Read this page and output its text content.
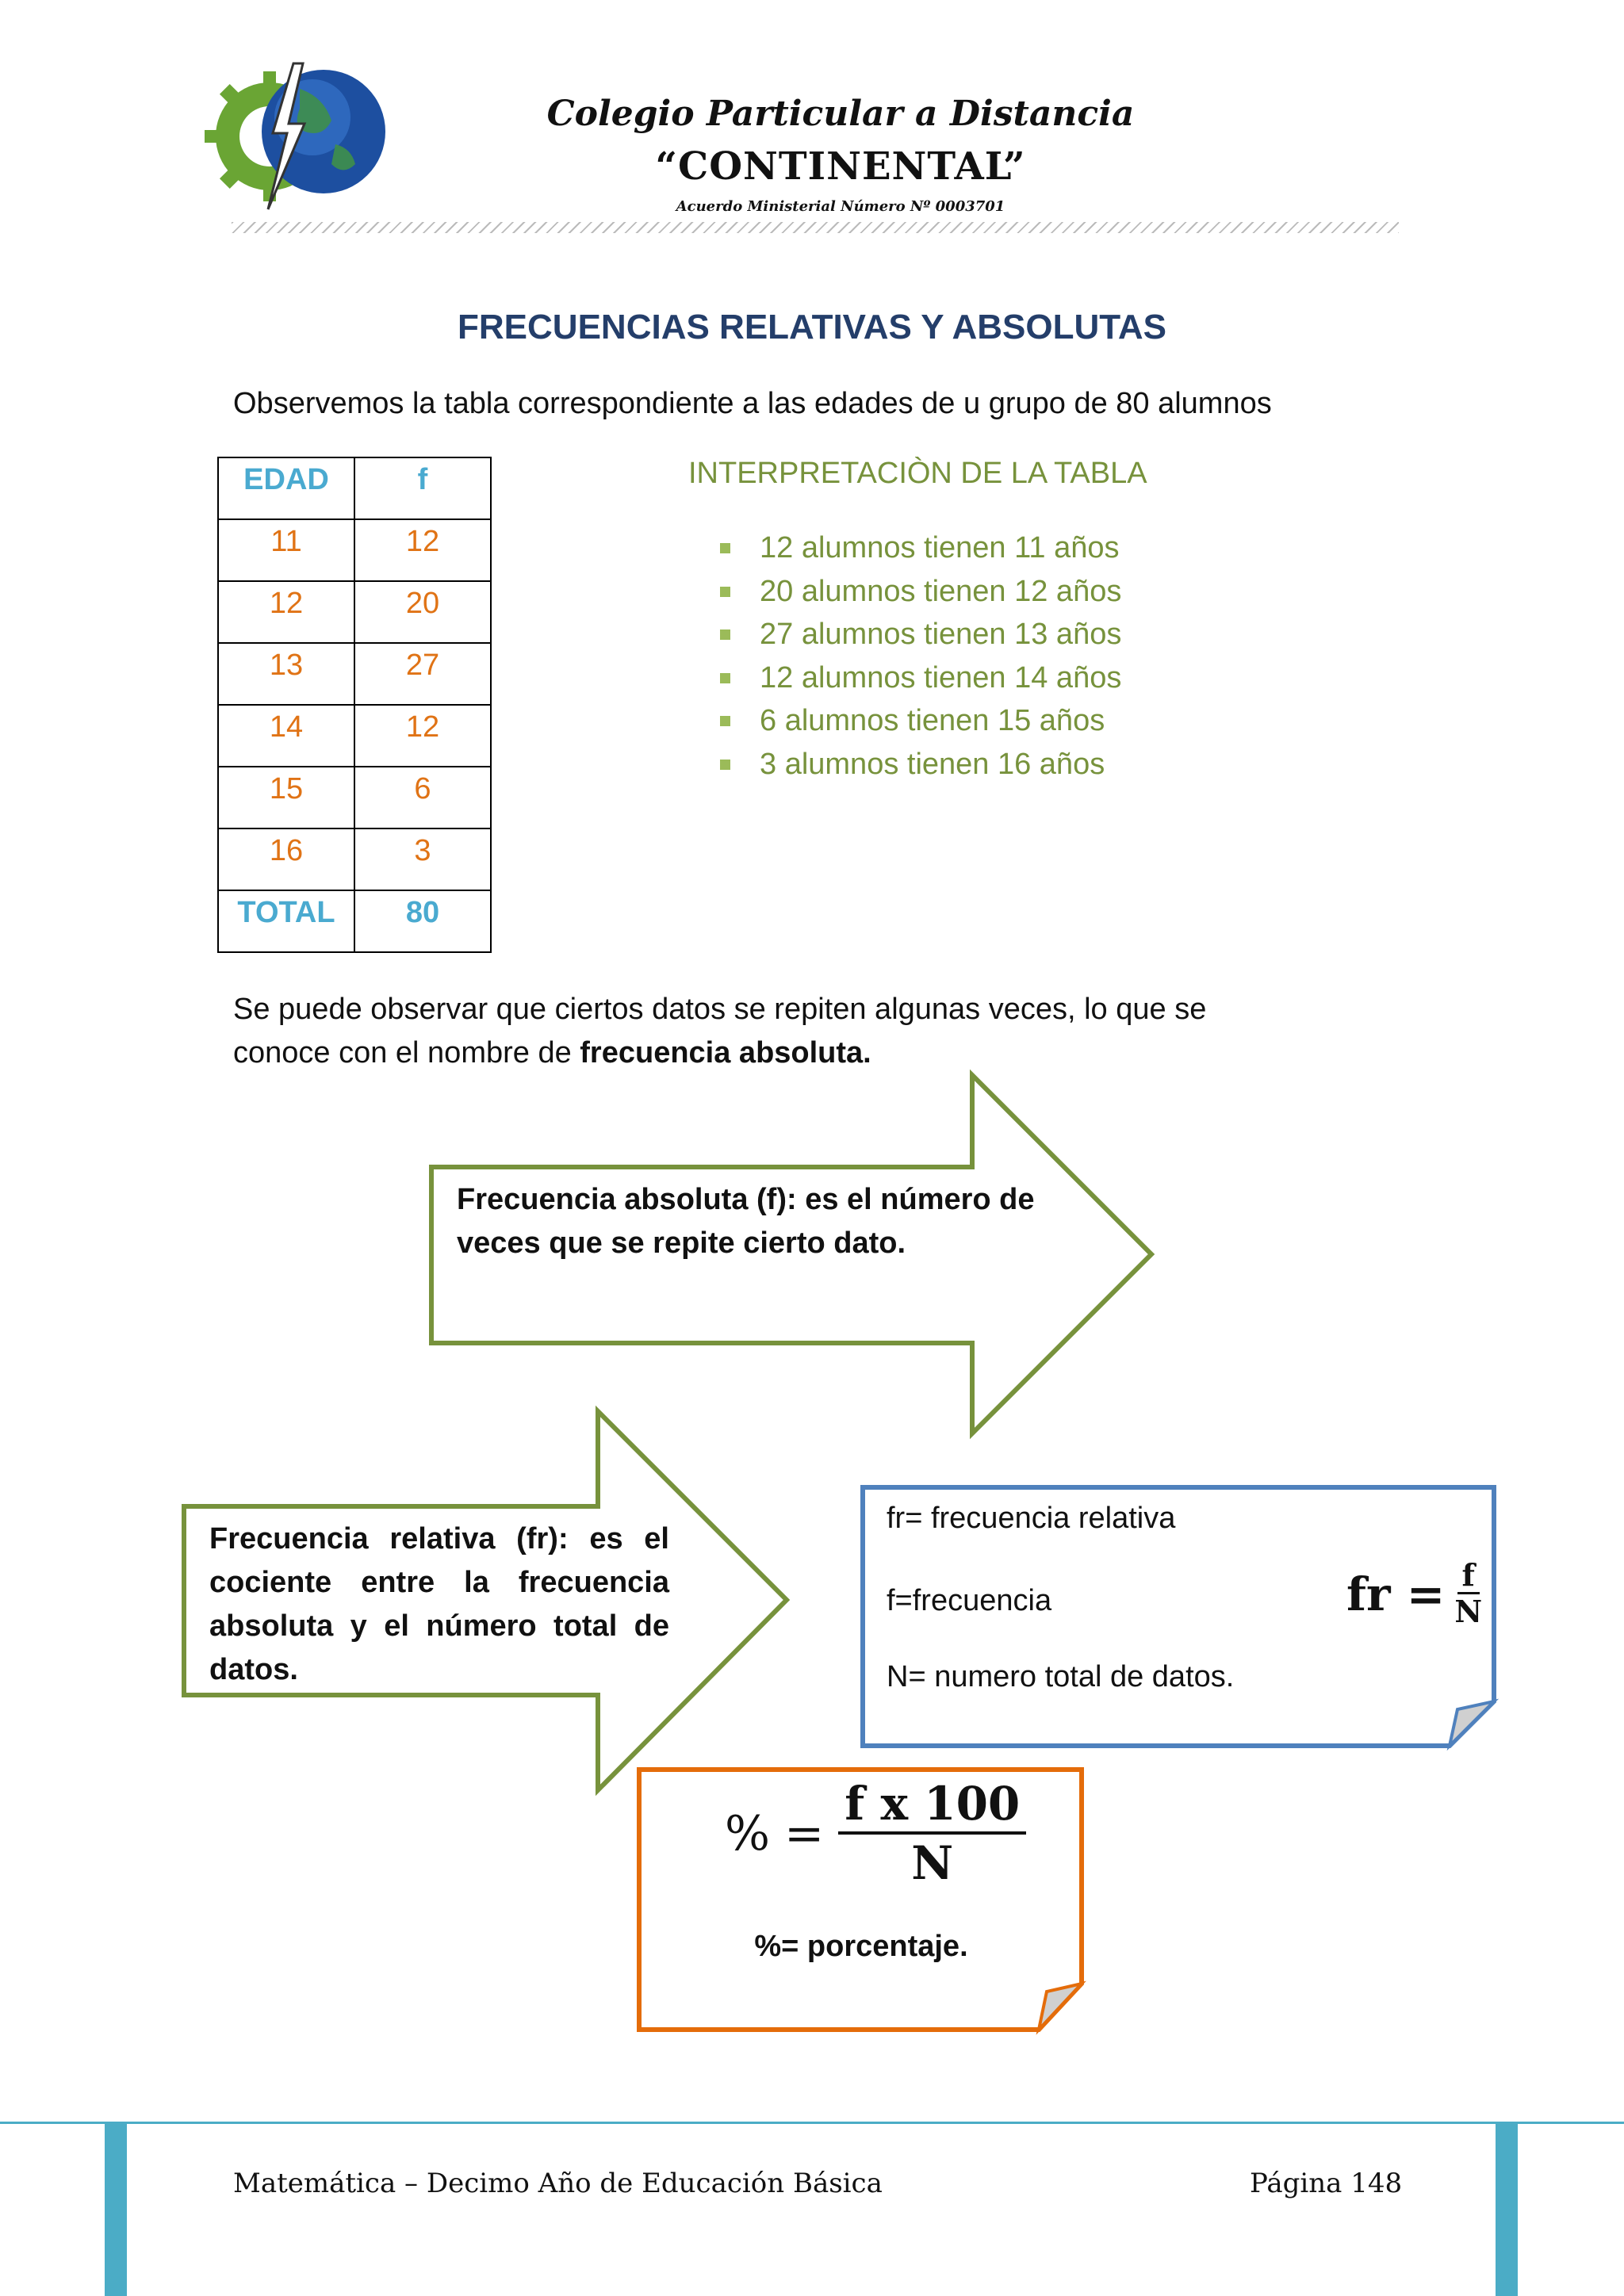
Colegio Particular a Distancia
“CONTINENTAL”
Acuerdo Ministerial Número Nº 0003701
FRECUENCIAS RELATIVAS Y ABSOLUTAS
Observemos la tabla correspondiente a las edades de u grupo de 80 alumnos
EDAD	f
11	12
12	20
13	27
14	12
15	6
16	3
TOTAL	80
INTERPRETACIÒN DE LA TABLA
12 alumnos tienen 11 años
20 alumnos tienen 12 años
27 alumnos tienen 13 años
12 alumnos tienen 14 años
6 alumnos tienen 15 años
3 alumnos tienen 16 años
Se puede observar que ciertos datos se repiten algunas veces, lo que se
conoce con el nombre de frecuencia absoluta.
Frecuencia absoluta (f): es el número de veces que se repite cierto dato.
Frecuencia relativa (fr): es el cociente entre la frecuencia absoluta y el número total de datos.
fr= frecuencia relativa
f=frecuencia
N= numero total de datos.
fr = $\frac{f}{N}$
% = $\frac{\text{f x 100}}{N}$
%= porcentaje.
Matemática – Decimo Año de Educación Básica	Página 148
